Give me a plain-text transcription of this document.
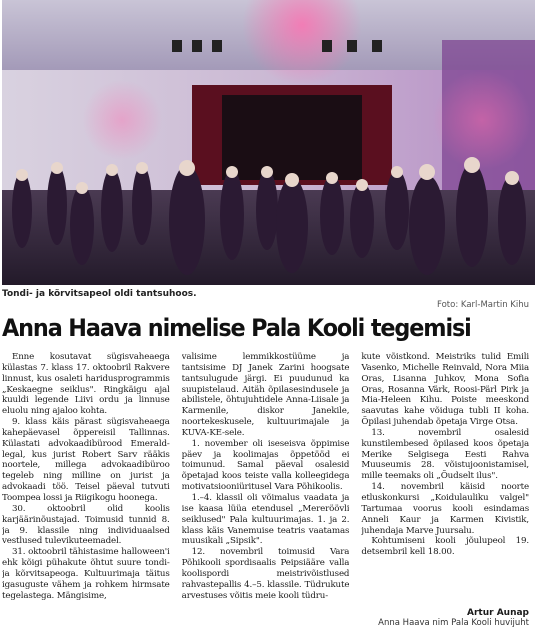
Tondi- ja kõrvitsapeol oldi tantsuhoos.
Foto: Karl-Martin Kihu
Anna Haava nimelise Pala Kooli tegemisi

Enne kosutavat sügisvaheaega külastas 7. klass 17. oktoobril Rakvere linnust, kus osaleti haridusprogrammis „Keskaegne seiklus". Ringkäigu ajal kuuldi legende Liivi ordu ja linnuse eluolu ning ajaloo kohta.

9. klass käis pärast sügisvaheaega kahepäevasel õppereisil Tallinnas. Külastati advokaadibürood Emerald-legal, kus jurist Robert Sarv rääkis noortele, millega advokaadibüroo tegeleb ning milline on jurist ja advokaadi töö. Teisel päeval tutvuti Toompea lossi ja Riigikogu hoonega.

30. oktoobril olid koolis karjäärinõustajad. Toimusid tunnid 8. ja 9. klassile ning individuaalsed vestlused tulevikuteemadel.

31. oktoobril tähistasime halloween'i ehk kõigi pühakute õhtut suure tondi- ja kõrvitsapeoga. Kultuurimaja täitus igasuguste vähem ja rohkem hirmsate tegelastega. Mängisime,

valisime lemmikkostüüme ja tantsisime DJ Janek Zarini hoogsate tantsulugude järgi. Ei puudunud ka suupistelaud. Aitäh õpilasesindusele ja abilistele, õhtujuhtidele Anna-Liisale ja Karmenile, diskor Janekile, noortekeskusele, kultuurimajale ja KUVA-KE-sele.

1. november oli iseseisva õppimise päev ja koolimajas õppetööd ei toimunud. Samal päeval osalesid õpetajad koos teiste valla kolleegidega motivatsiooniüritusel Vara Põhikoolis.

1.–4. klassil oli võimalus vaadata ja ise kaasa lüüa etendusel „Mereröövli seiklused" Pala kultuurimajas. 1. ja 2. klass käis Vanemuise teatris vaatamas muusikali „Sipsik".

12. novembril toimusid Vara Põhikooli spordisaalis Peipsiääre valla koolispordi meistrivõistlused rahvastepallis 4.–5. klassile. Tüdrukute arvestuses võitis meie kooli tüdru-

kute võistkond. Meistriks tulid Emili Vasenko, Michelle Reinvald, Nora Miia Oras, Lisanna Juhkov, Mona Sofia Oras, Rosanna Värk, Roosi-Pärl Pirk ja Mia-Heleen Kihu. Poiste meeskond saavutas kahe võiduga tubli II koha. Õpilasi juhendab õpetaja Virge Otsa.

13. novembril osalesid kunstilembesed õpilased koos õpetaja Merike Selgisega Eesti Rahva Muuseumis 28. võistujoonistamisel, mille teemaks oli „Õudselt ilus".

14. novembril käisid noorte etluskonkursi „Koidulauliku valgel" Tartumaa voorus kooli esindamas Anneli Kaur ja Karmen Kivistik, juhendaja Marve Juursalu.

Kohtumiseni kooli jõulupeol 19. detsembril kell 18.00.

Artur Aunap
Anna Haava nim Pala Kooli huvijuht
